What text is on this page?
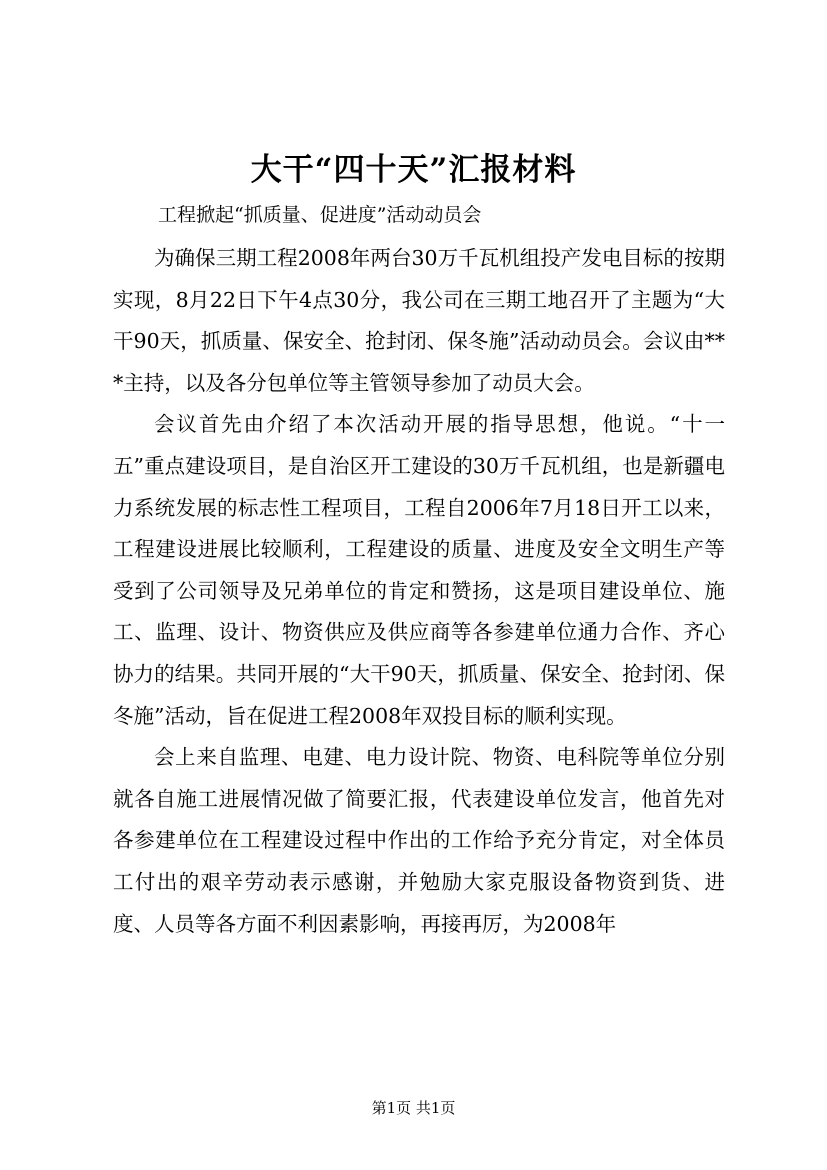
大干“四十天”汇报材料
工程掀起“抓质量、促进度”活动动员会

为确保三期工程2008年两台30万千瓦机组投产发电目标的按期实现，8月22日下午4点30分，我公司在三期工地召开了主题为“大干90天，抓质量、保安全、抢封闭、保冬施”活动动员会。会议由***主持，以及各分包单位等主管领导参加了动员大会。

会议首先由介绍了本次活动开展的指导思想，他说。“十一五”重点建设项目，是自治区开工建设的30万千瓦机组，也是新疆电力系统发展的标志性工程项目，工程自2006年7月18日开工以来，工程建设进展比较顺利，工程建设的质量、进度及安全文明生产等受到了公司领导及兄弟单位的肯定和赞扬，这是项目建设单位、施工、监理、设计、物资供应及供应商等各参建单位通力合作、齐心协力的结果。共同开展的“大干90天，抓质量、保安全、抢封闭、保冬施”活动，旨在促进工程2008年双投目标的顺利实现。

会上来自监理、电建、电力设计院、物资、电科院等单位分别就各自施工进展情况做了简要汇报，代表建设单位发言，他首先对各参建单位在工程建设过程中作出的工作给予充分肯定，对全体员工付出的艰辛劳动表示感谢，并勉励大家克服设备物资到货、进度、人员等各方面不利因素影响，再接再厉，为2008年

第1页 共1页
